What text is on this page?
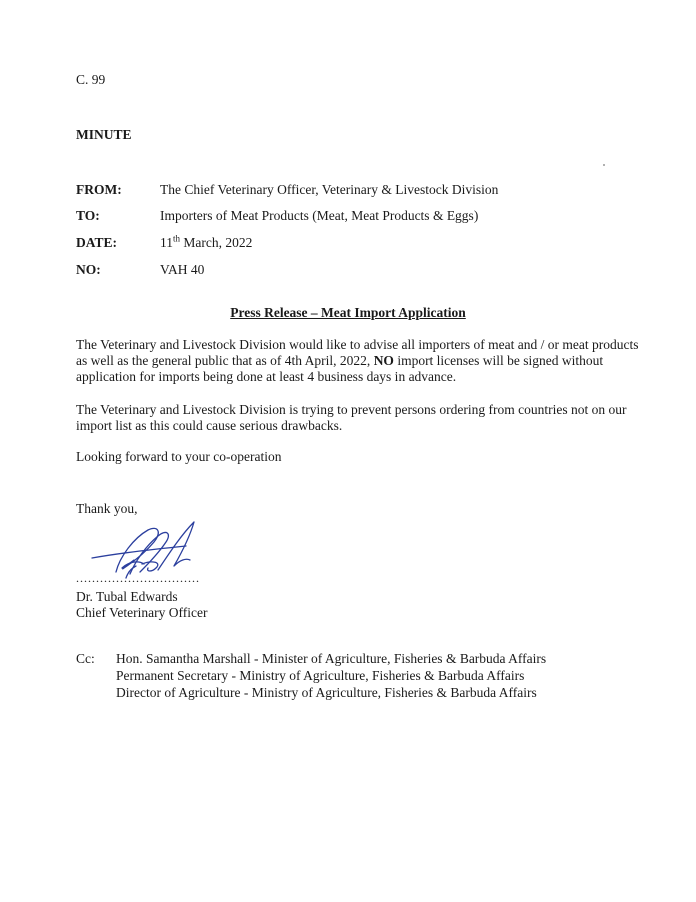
C. 99
MINUTE
FROM:	The Chief Veterinary Officer, Veterinary & Livestock Division
TO:	Importers of Meat Products (Meat, Meat Products & Eggs)
DATE:	11th March, 2022
NO:	VAH 40
Press Release – Meat Import Application
The Veterinary and Livestock Division would like to advise all importers of meat and / or meat products as well as the general public that as of 4th April, 2022, NO import licenses will be signed without application for imports being done at least 4 business days in advance.
The Veterinary and Livestock Division is trying to prevent persons ordering from countries not on our import list as this could cause serious drawbacks.
Looking forward to your co-operation
Thank you,
...............................
Dr. Tubal Edwards
Chief Veterinary Officer
Cc: Hon. Samantha Marshall - Minister of Agriculture, Fisheries & Barbuda Affairs
Permanent Secretary - Ministry of Agriculture, Fisheries & Barbuda Affairs
Director of Agriculture - Ministry of Agriculture, Fisheries & Barbuda Affairs
